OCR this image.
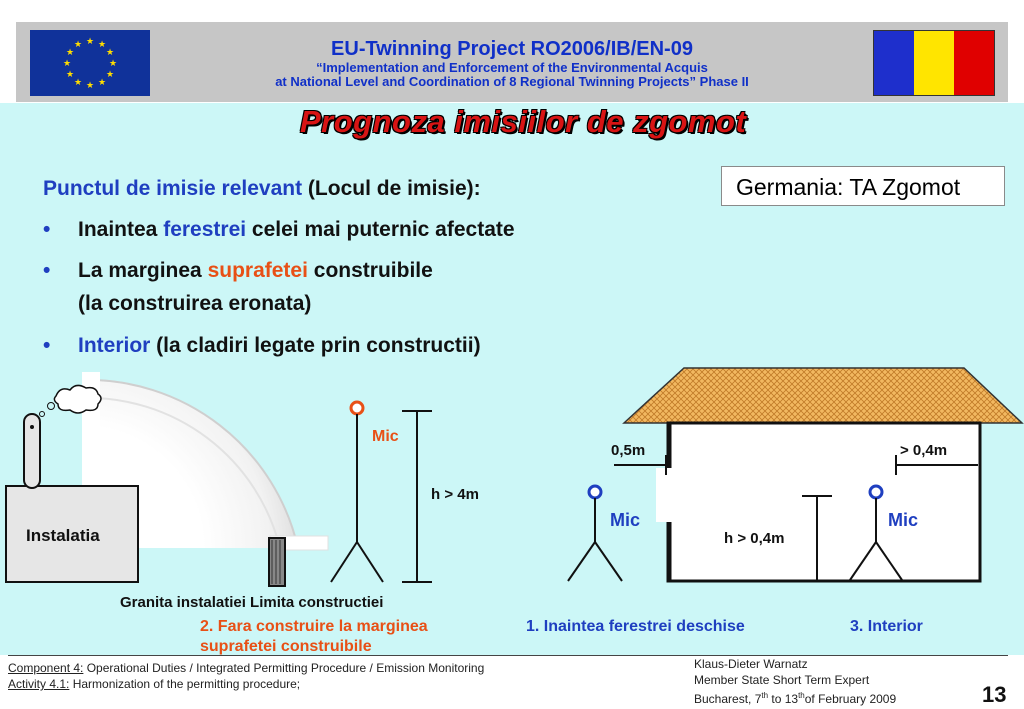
★ ★
★
★
★
★
★
★
★
★
★
★	EU-Twinning Project RO2006/IB/EN-09
“Implementation and Enforcement of the Environmental Acquis
at National Level and Coordination of 8 Regional Twinning Projects” Phase II
Prognoza imisiilor de zgomot
Germania: TA Zgomot
Punctul de imisie relevant (Locul de imisie):
• Inaintea ferestrei celei mai puternic afectate
• La marginea suprafetei construibile
(la construirea eronata)
• Interior (la cladiri legate prin constructii)
Instalatia
Mic
h > 4m
0,5m	> 0,4m
Mic	Mic
h > 0,4m
Granita instalatiei Limita constructiei
2. Fara construire la marginea
suprafetei construibile
1. Inaintea ferestrei deschise	3. Interior
Component 4: Operational Duties / Integrated Permitting Procedure / Emission Monitoring
Activity 4.1: Harmonization of the permitting procedure;
Klaus-Dieter Warnatz
Member State Short Term Expert
Bucharest, 7th to 13thof February 2009	13
